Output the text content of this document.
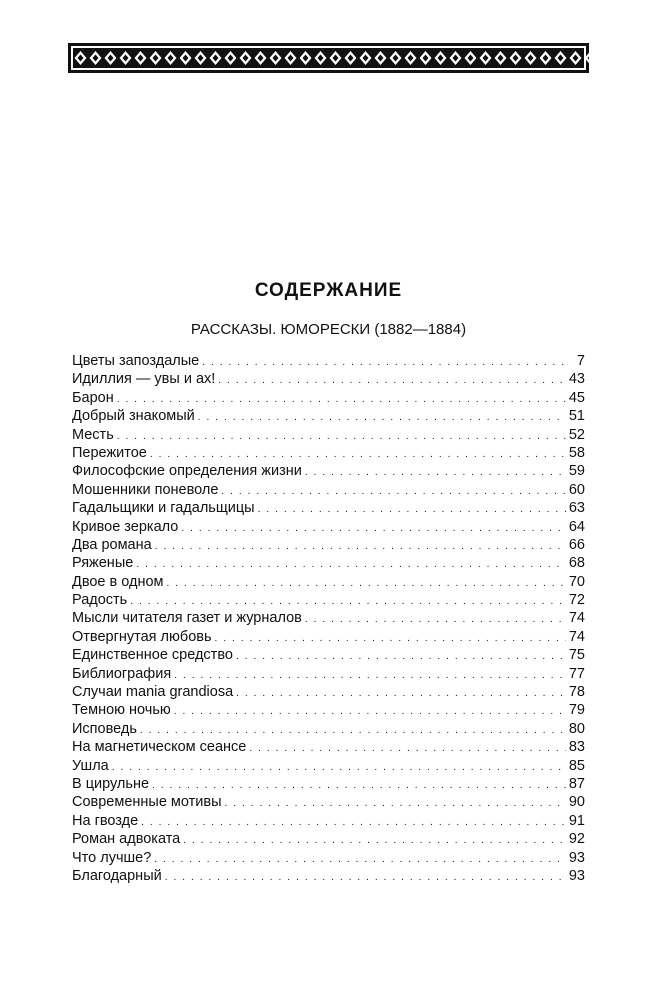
СОДЕРЖАНИЕ
РАССКАЗЫ. ЮМОРЕСКИ (1882—1884)
Цветы запоздалые . . .	7
Идиллия — увы и ах! . . .	43
Барон . . .	45
Добрый знакомый . . .	51
Месть . . .	52
Пережитое . . .	58
Философские определения жизни . . .	59
Мошенники поневоле . . .	60
Гадальщики и гадальщицы . . .	63
Кривое зеркало . . .	64
Два романа . . .	66
Ряженые . . .	68
Двое в одном . . .	70
Радость . . .	72
Мысли читателя газет и журналов . . .	74
Отвергнутая любовь . . .	74
Единственное средство . . .	75
Библиография . . .	77
Случаи mania grandiosa . . .	78
Темною ночью . . .	79
Исповедь . . .	80
На магнетическом сеансе . . .	83
Ушла . . .	85
В цирульне . . .	87
Современные мотивы . . .	90
На гвозде . . .	91
Роман адвоката . . .	92
Что лучше? . . .	93
Благодарный . . .	93
